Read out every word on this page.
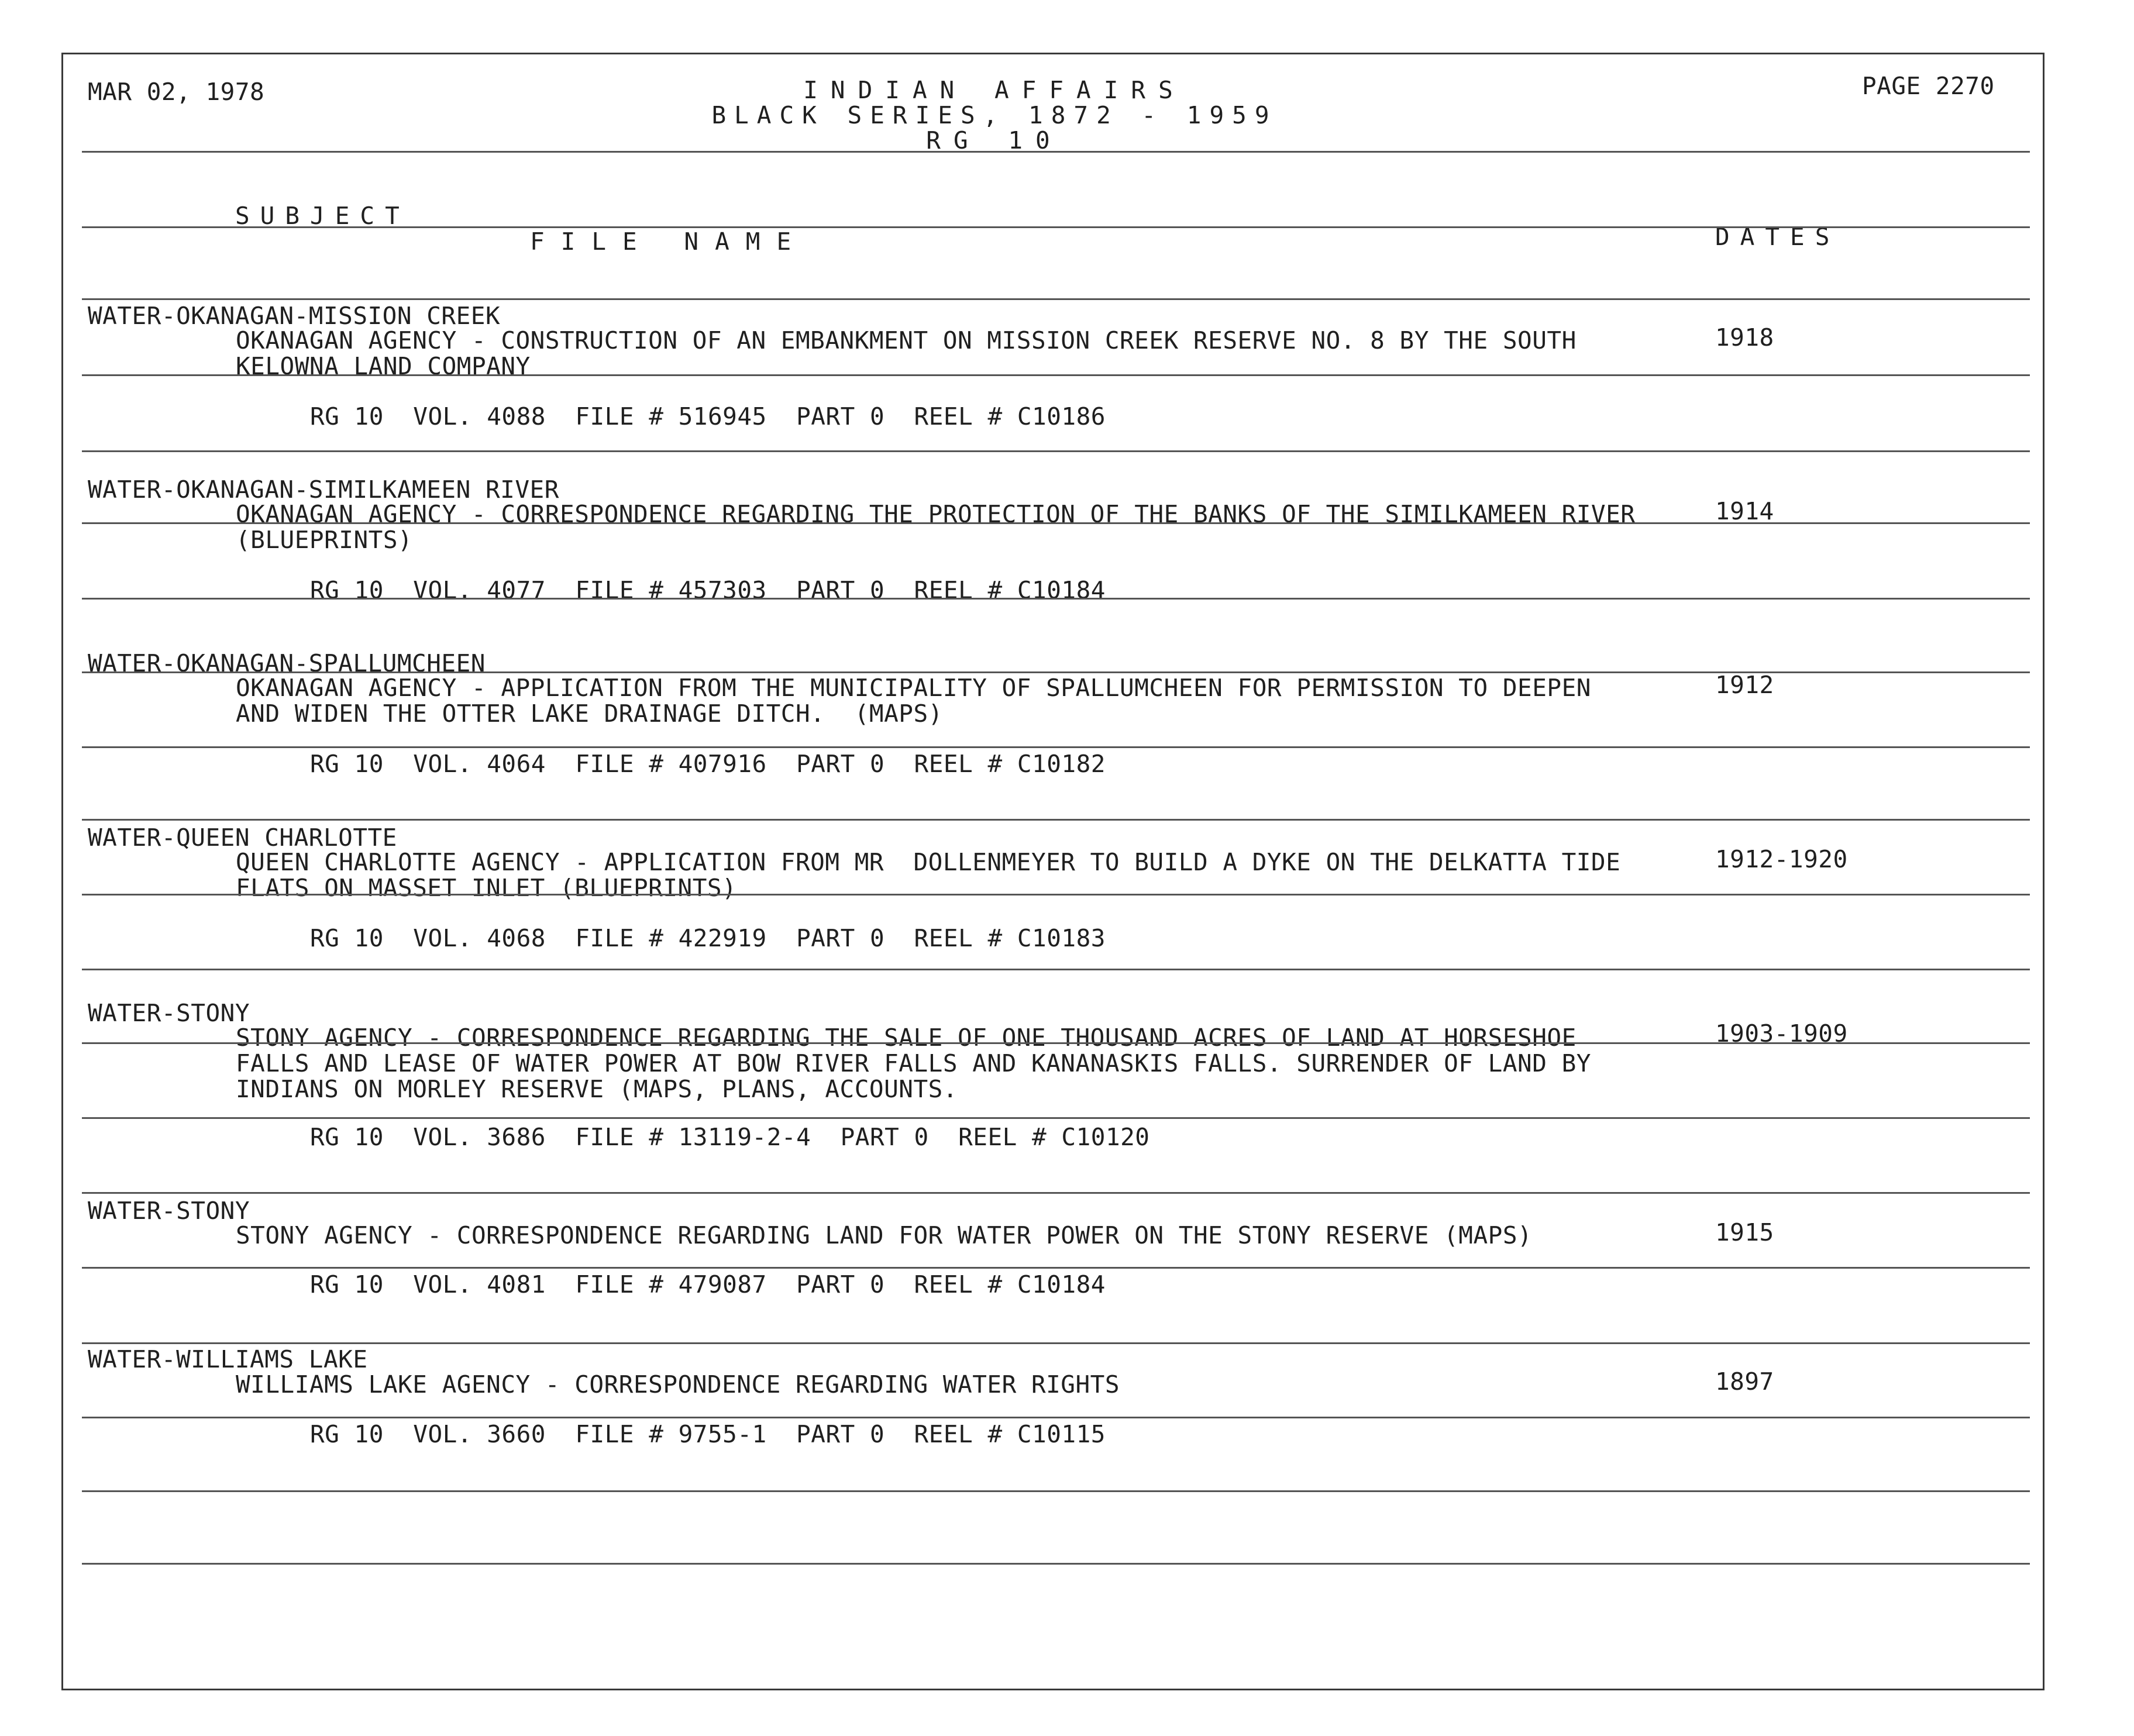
MAR 02, 1978	INDIAN AFFAIRS
BLACK SERIES, 1872 - 1959
RG 10
PAGE 2270
SUBJECT
FILE NAME	DATES
WATER-OKANAGAN-MISSION CREEK
OKANAGAN AGENCY - CONSTRUCTION OF AN EMBANKMENT ON MISSION CREEK RESERVE NO. 8 BY THE SOUTH
KELOWNA LAND COMPANY
1918
RG 10  VOL. 4088  FILE # 516945  PART 0  REEL # C10186
WATER-OKANAGAN-SIMILKAMEEN RIVER
OKANAGAN AGENCY - CORRESPONDENCE REGARDING THE PROTECTION OF THE BANKS OF THE SIMILKAMEEN RIVER
(BLUEPRINTS)
1914
RG 10  VOL. 4077  FILE # 457303  PART 0  REEL # C10184
WATER-OKANAGAN-SPALLUMCHEEN
OKANAGAN AGENCY - APPLICATION FROM THE MUNICIPALITY OF SPALLUMCHEEN FOR PERMISSION TO DEEPEN
AND WIDEN THE OTTER LAKE DRAINAGE DITCH.  (MAPS)
1912
RG 10  VOL. 4064  FILE # 407916  PART 0  REEL # C10182
WATER-QUEEN CHARLOTTE
QUEEN CHARLOTTE AGENCY - APPLICATION FROM MR  DOLLENMEYER TO BUILD A DYKE ON THE DELKATTA TIDE
FLATS ON MASSET INLET (BLUEPRINTS)
1912-1920
RG 10  VOL. 4068  FILE # 422919  PART 0  REEL # C10183
WATER-STONY
STONY AGENCY - CORRESPONDENCE REGARDING THE SALE OF ONE THOUSAND ACRES OF LAND AT HORSESHOE
FALLS AND LEASE OF WATER POWER AT BOW RIVER FALLS AND KANANASKIS FALLS. SURRENDER OF LAND BY
INDIANS ON MORLEY RESERVE (MAPS, PLANS, ACCOUNTS.
1903-1909
RG 10  VOL. 3686  FILE # 13119-2-4  PART 0  REEL # C10120
WATER-STONY
STONY AGENCY - CORRESPONDENCE REGARDING LAND FOR WATER POWER ON THE STONY RESERVE (MAPS)	1915
RG 10  VOL. 4081  FILE # 479087  PART 0  REEL # C10184
WATER-WILLIAMS LAKE
WILLIAMS LAKE AGENCY - CORRESPONDENCE REGARDING WATER RIGHTS	1897
RG 10  VOL. 3660  FILE # 9755-1  PART 0  REEL # C10115
